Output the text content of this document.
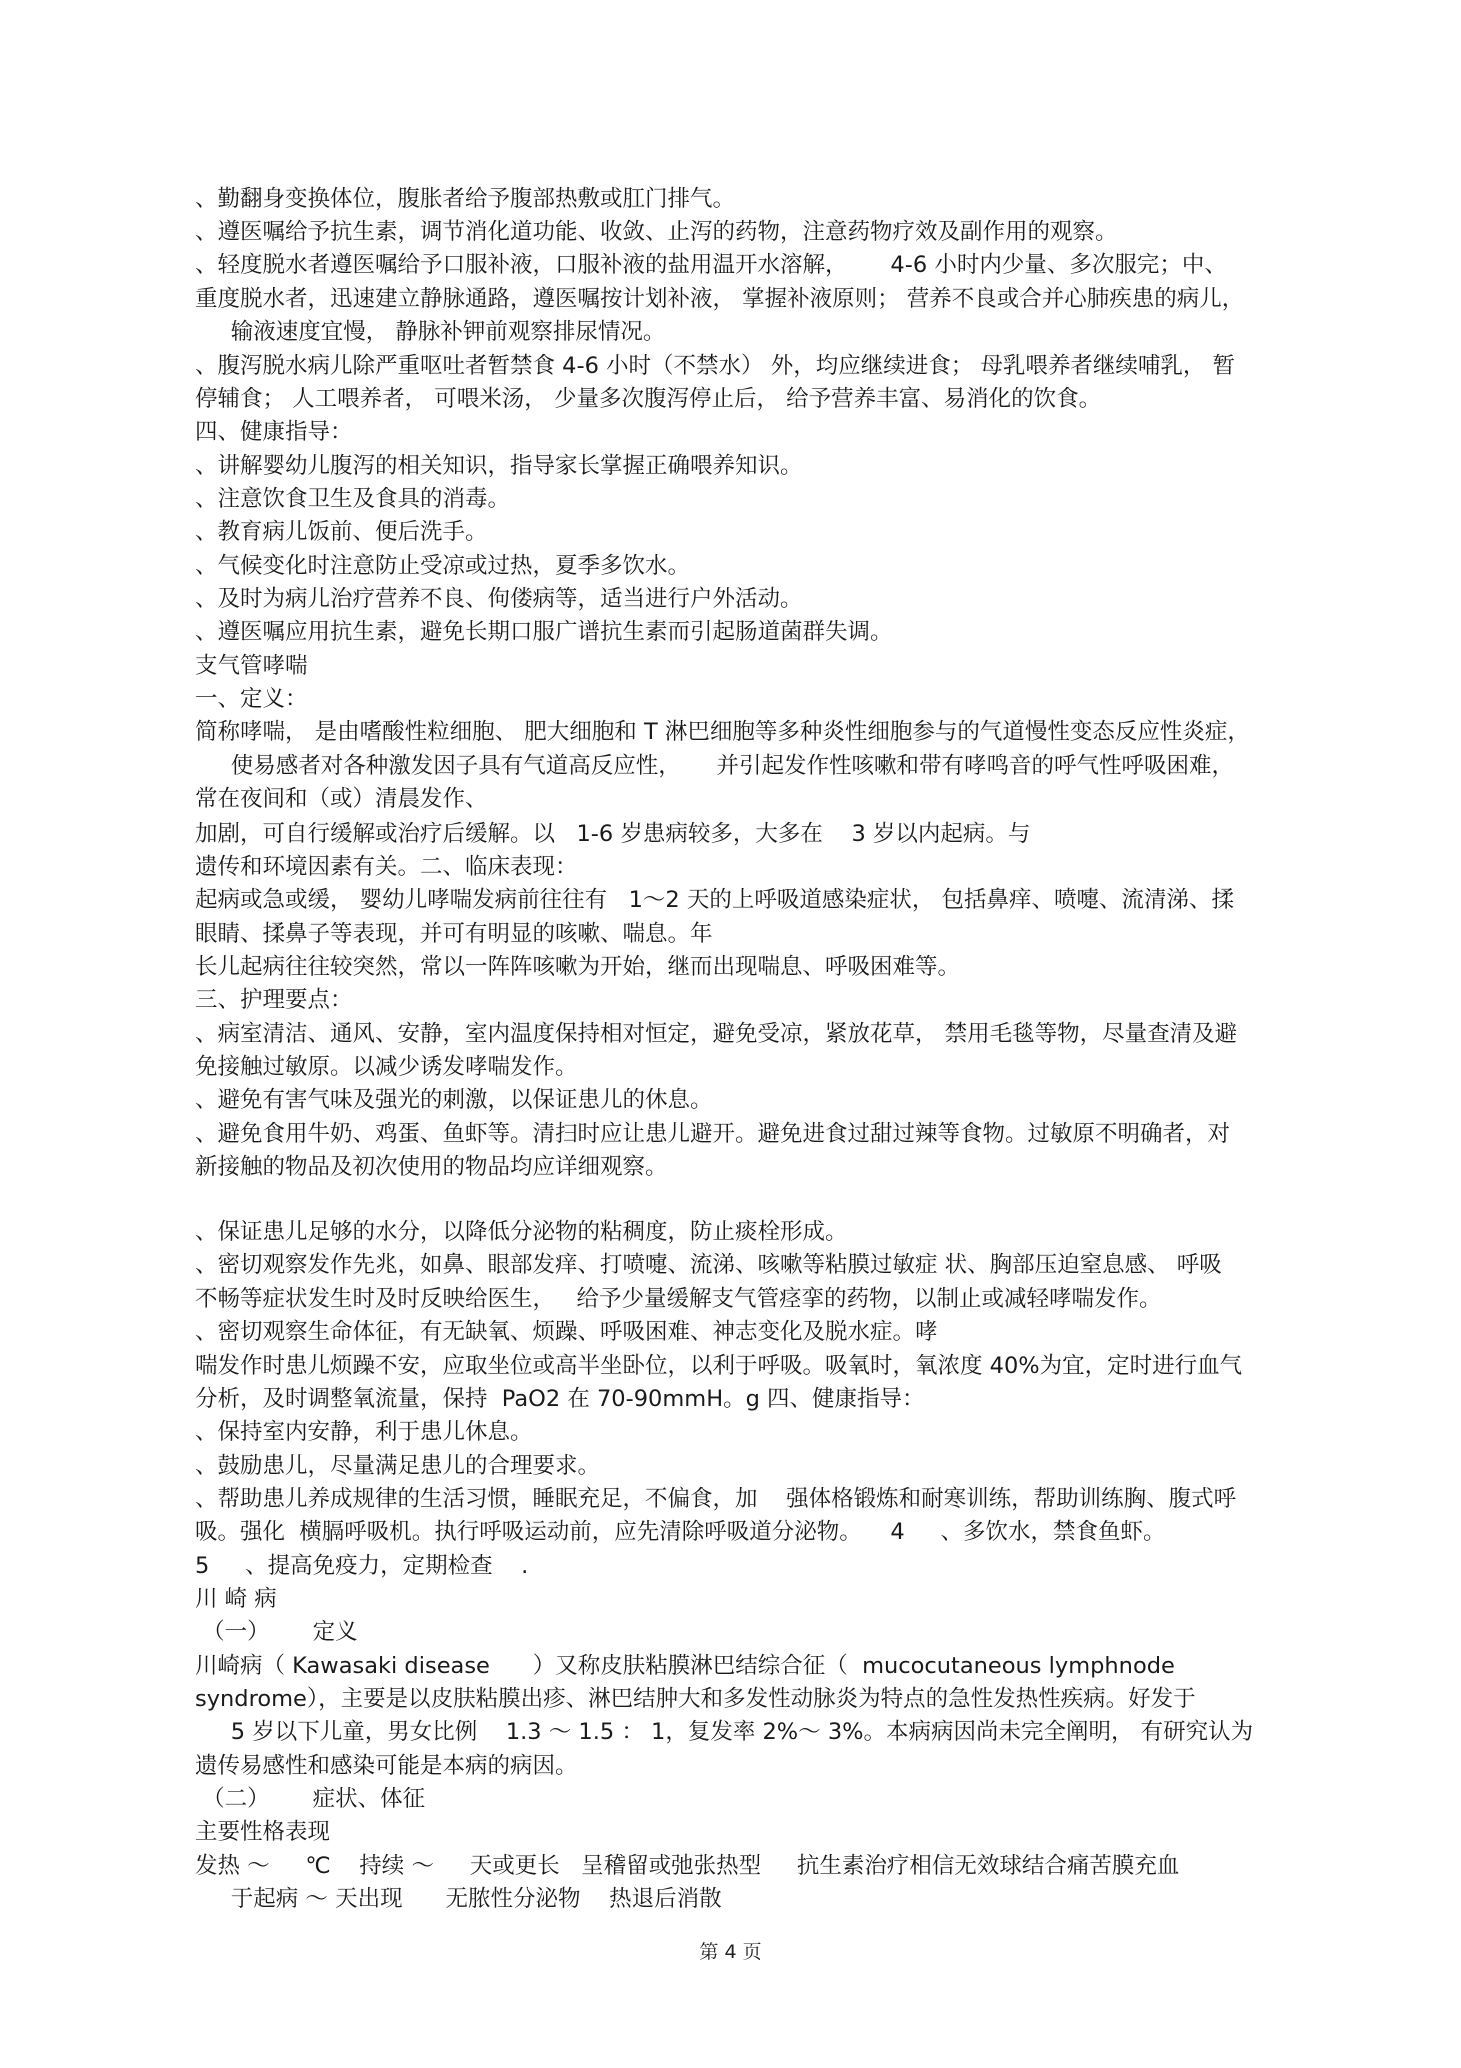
、勤翻身变换体位，腹胀者给予腹部热敷或肛门排气。
、遵医嘱给予抗生素，调节消化道功能、收敛、止泻的药物，注意药物疗效及副作用的观察。
、轻度脱水者遵医嘱给予口服补液，口服补液的盐用温开水溶解，      4-6 小时内少量、多次服完；中、
重度脱水者，迅速建立静脉通路，遵医嘱按计划补液， 掌握补液原则； 营养不良或合并心肺疾患的病儿，
输液速度宜慢， 静脉补钾前观察排尿情况。
、腹泻脱水病儿除严重呕吐者暂禁食 4-6 小时（不禁水） 外，均应继续进食； 母乳喂养者继续哺乳， 暂
停辅食； 人工喂养者， 可喂米汤， 少量多次腹泻停止后， 给予营养丰富、易消化的饮食。
四、健康指导：
、讲解婴幼儿腹泻的相关知识，指导家长掌握正确喂养知识。
、注意饮食卫生及食具的消毒。
、教育病儿饭前、便后洗手。
、气候变化时注意防止受凉或过热，夏季多饮水。
、及时为病儿治疗营养不良、佝偻病等，适当进行户外活动。
、遵医嘱应用抗生素，避免长期口服广谱抗生素而引起肠道菌群失调。
支气管哮喘
一、定义：
简称哮喘， 是由嗜酸性粒细胞、 肥大细胞和 T 淋巴细胞等多种炎性细胞参与的气道慢性变态反应性炎症，
使易感者对各种激发因子具有气道高反应性，     并引起发作性咳嗽和带有哮鸣音的呼气性呼吸困难，
常在夜间和（或）清晨发作、
加剧，可自行缓解或治疗后缓解。以   1-6 岁患病较多，大多在    3 岁以内起病。与
遗传和环境因素有关。二、临床表现：
起病或急或缓， 婴幼儿哮喘发病前往往有   1～2 天的上呼吸道感染症状， 包括鼻痒、喷嚏、流清涕、揉
眼睛、揉鼻子等表现，并可有明显的咳嗽、喘息。年
长儿起病往往较突然，常以一阵阵咳嗽为开始，继而出现喘息、呼吸困难等。
三、护理要点：
、病室清洁、通风、安静，室内温度保持相对恒定，避免受凉，紧放花草， 禁用毛毯等物，尽量查清及避
免接触过敏原。以减少诱发哮喘发作。
、避免有害气味及强光的刺激，以保证患儿的休息。
、避免食用牛奶、鸡蛋、鱼虾等。清扫时应让患儿避开。避免进食过甜过辣等食物。过敏原不明确者，对
新接触的物品及初次使用的物品均应详细观察。
、保证患儿足够的水分，以降低分泌物的粘稠度，防止痰栓形成。
、密切观察发作先兆，如鼻、眼部发痒、打喷嚏、流涕、咳嗽等粘膜过敏症 状、胸部压迫窒息感、 呼吸
不畅等症状发生时及时反映给医生，   给予少量缓解支气管痉挛的药物，以制止或减轻哮喘发作。
、密切观察生命体征，有无缺氧、烦躁、呼吸困难、神志变化及脱水症。哮
喘发作时患儿烦躁不安，应取坐位或高半坐卧位，以利于呼吸。吸氧时，氧浓度 40%为宜，定时进行血气
分析，及时调整氧流量，保持  PaO2 在 70-90mmH。g 四、健康指导：
、保持室内安静，利于患儿休息。
、鼓励患儿，尽量满足患儿的合理要求。
、帮助患儿养成规律的生活习惯，睡眠充足，不偏食，加    强体格锻炼和耐寒训练，帮助训练胸、腹式呼
吸。强化  横膈呼吸机。执行呼吸运动前，应先清除呼吸道分泌物。    4     、多饮水，禁食鱼虾。
5     、提高免疫力，定期检查    .
川 崎 病
（一）      定义
川崎病（ Kawasaki disease      ）又称皮肤粘膜淋巴结综合征（  mucocutaneous lymphnode
syndrome），主要是以皮肤粘膜出疹、淋巴结肿大和多发性动脉炎为特点的急性发热性疾病。好发于
5 岁以下儿童，男女比例    1.3 ～ 1.5 ： 1，复发率 2%～ 3%。本病病因尚未完全阐明， 有研究认为
遗传易感性和感染可能是本病的病因。
（二）      症状、体征
主要性格表现
发热 ～     ℃    持续 ～     天或更长   呈稽留或弛张热型     抗生素治疗相信无效球结合痛苦膜充血
于起病 ～ 天出现      无脓性分泌物    热退后消散
第 4 页
